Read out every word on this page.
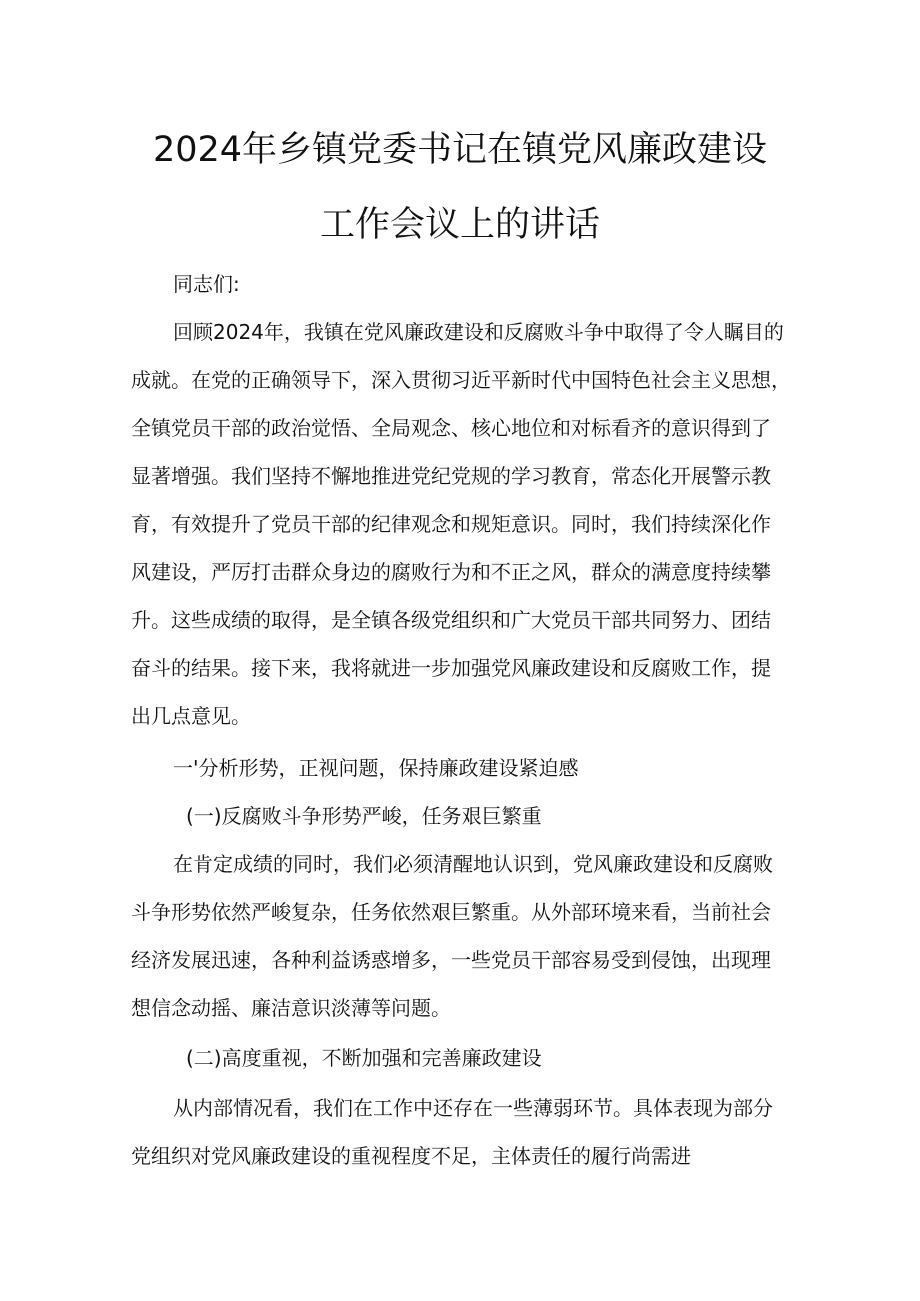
2024年乡镇党委书记在镇党风廉政建设
工作会议上的讲话
同志们:
回顾2024年，我镇在党风廉政建设和反腐败斗争中取得了令人瞩目的
成就。在党的正确领导下，深入贯彻习近平新时代中国特色社会主义思想，
全镇党员干部的政治觉悟、全局观念、核心地位和对标看齐的意识得到了
显著增强。我们坚持不懈地推进党纪党规的学习教育，常态化开展警示教
育，有效提升了党员干部的纪律观念和规矩意识。同时，我们持续深化作
风建设，严厉打击群众身边的腐败行为和不正之风，群众的满意度持续攀
升。这些成绩的取得，是全镇各级党组织和广大党员干部共同努力、团结
奋斗的结果。接下来，我将就进一步加强党风廉政建设和反腐败工作，提
出几点意见。
一'分析形势，正视问题，保持廉政建设紧迫感
(一)反腐败斗争形势严峻，任务艰巨繁重
在肯定成绩的同时，我们必须清醒地认识到，党风廉政建设和反腐败
斗争形势依然严峻复杂，任务依然艰巨繁重。从外部环境来看，当前社会
经济发展迅速，各种利益诱惑增多，一些党员干部容易受到侵蚀，出现理
想信念动摇、廉洁意识淡薄等问题。
(二)高度重视，不断加强和完善廉政建设
从内部情况看，我们在工作中还存在一些薄弱环节。具体表现为部分
党组织对党风廉政建设的重视程度不足，主体责任的履行尚需进
